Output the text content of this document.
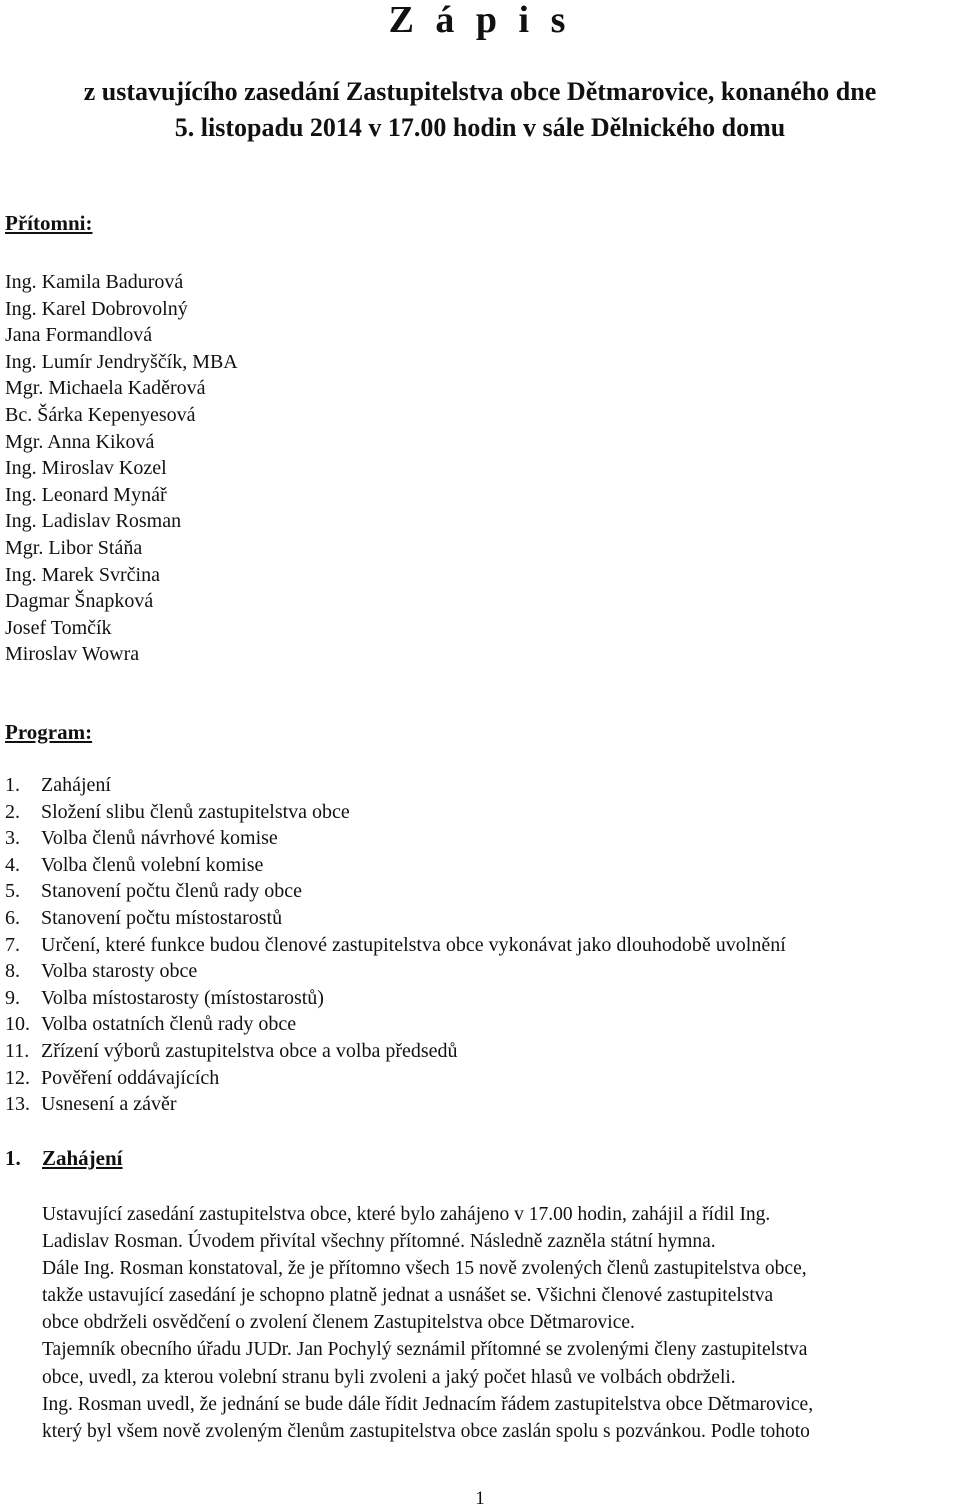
Z á p i s
z ustavujícího zasedání Zastupitelstva obce Dětmarovice, konaného dne
5. listopadu 2014 v 17.00 hodin v sále Dělnického domu
Přítomni:
Ing. Kamila Badurová
Ing. Karel Dobrovolný
Jana Formandlová
Ing. Lumír Jendryščík, MBA
Mgr. Michaela Kaděrová
Bc. Šárka Kepenyesová
Mgr. Anna Kiková
Ing. Miroslav Kozel
Ing. Leonard Mynář
Ing. Ladislav Rosman
Mgr. Libor Stáňa
Ing. Marek Svrčina
Dagmar Šnapková
Josef Tomčík
Miroslav Wowra
Program:
1. Zahájení
2. Složení slibu členů zastupitelstva obce
3. Volba členů návrhové komise
4. Volba členů volební komise
5. Stanovení počtu členů rady obce
6. Stanovení počtu místostarostů
7. Určení, které funkce budou členové zastupitelstva obce vykonávat jako dlouhodobě uvolnění
8. Volba starosty obce
9. Volba místostarosty (místostarostů)
10. Volba ostatních členů rady obce
11. Zřízení výborů zastupitelstva obce a volba předsedů
12. Pověření oddávajících
13. Usnesení a závěr
1. Zahájení

Ustavující zasedání zastupitelstva obce, které bylo zahájeno v 17.00 hodin, zahájil a řídil Ing.

Ladislav Rosman. Úvodem přivítal všechny přítomné. Následně zazněla státní hymna.

Dále Ing. Rosman konstatoval, že je přítomno všech 15 nově zvolených členů zastupitelstva obce,

takže ustavující zasedání je schopno platně jednat a usnášet se. Všichni členové zastupitelstva

obce obdrželi osvědčení o zvolení členem Zastupitelstva obce Dětmarovice.

Tajemník obecního úřadu JUDr. Jan Pochylý seznámil přítomné se zvolenými členy zastupitelstva

obce, uvedl, za kterou volební stranu byli zvoleni a jaký počet hlasů ve volbách obdrželi.

Ing. Rosman uvedl, že jednání se bude dále řídit Jednacím řádem zastupitelstva obce Dětmarovice,

který byl všem nově zvoleným členům zastupitelstva obce zaslán spolu s pozvánkou. Podle tohoto

1
